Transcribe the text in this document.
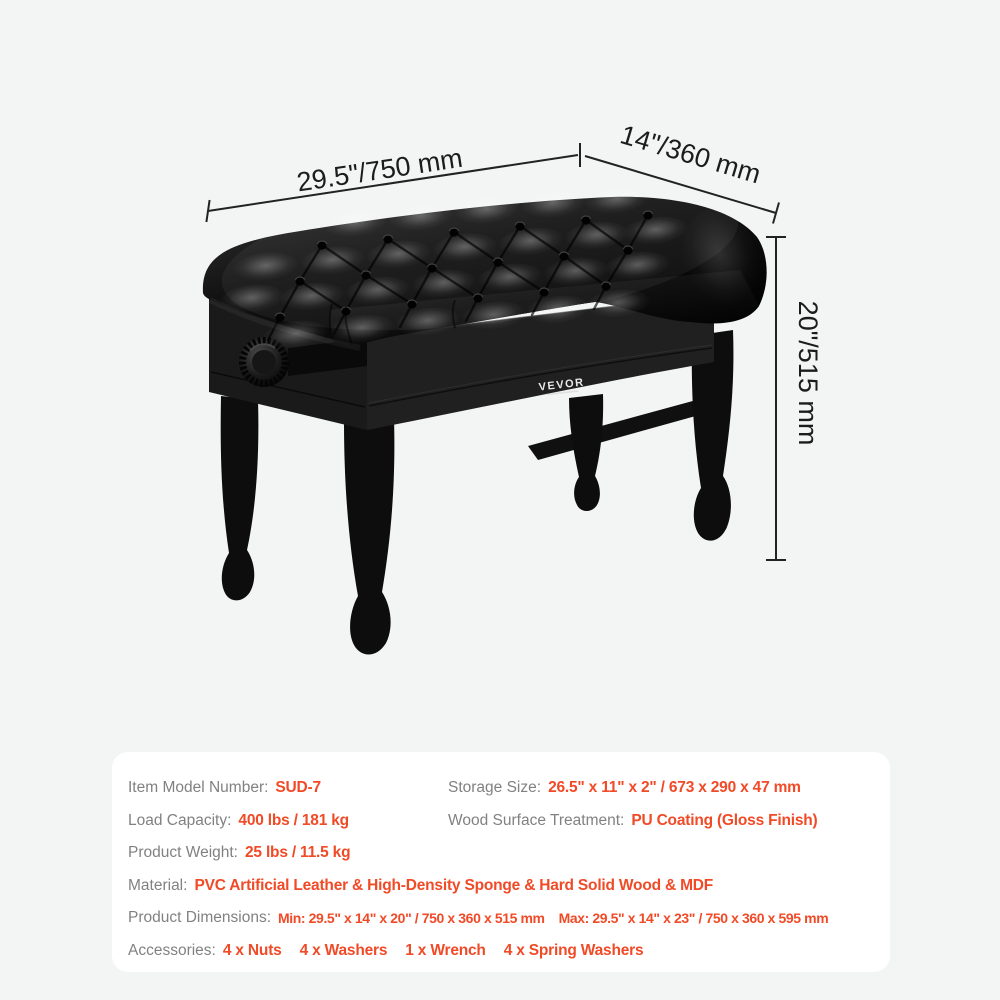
VEVOR
29.5"/750 mm	14"/360 mm
20"/515 mm
Item Model Number: SUD-7	Storage Size: 26.5" x 11" x 2" / 673 x 290 x 47 mm
Load Capacity: 400 lbs / 181 kg	Wood Surface Treatment: PU Coating (Gloss Finish)
Product Weight: 25 lbs / 11.5 kg
Material: PVC Artificial Leather & High-Density Sponge & Hard Solid Wood & MDF
Product Dimensions: Min: 29.5" x 14" x 20" / 750 x 360 x 515 mm Max: 29.5" x 14" x 23" / 750 x 360 x 595 mm
Accessories: 4 x Nuts 4 x Washers 1 x Wrench 4 x Spring Washers
